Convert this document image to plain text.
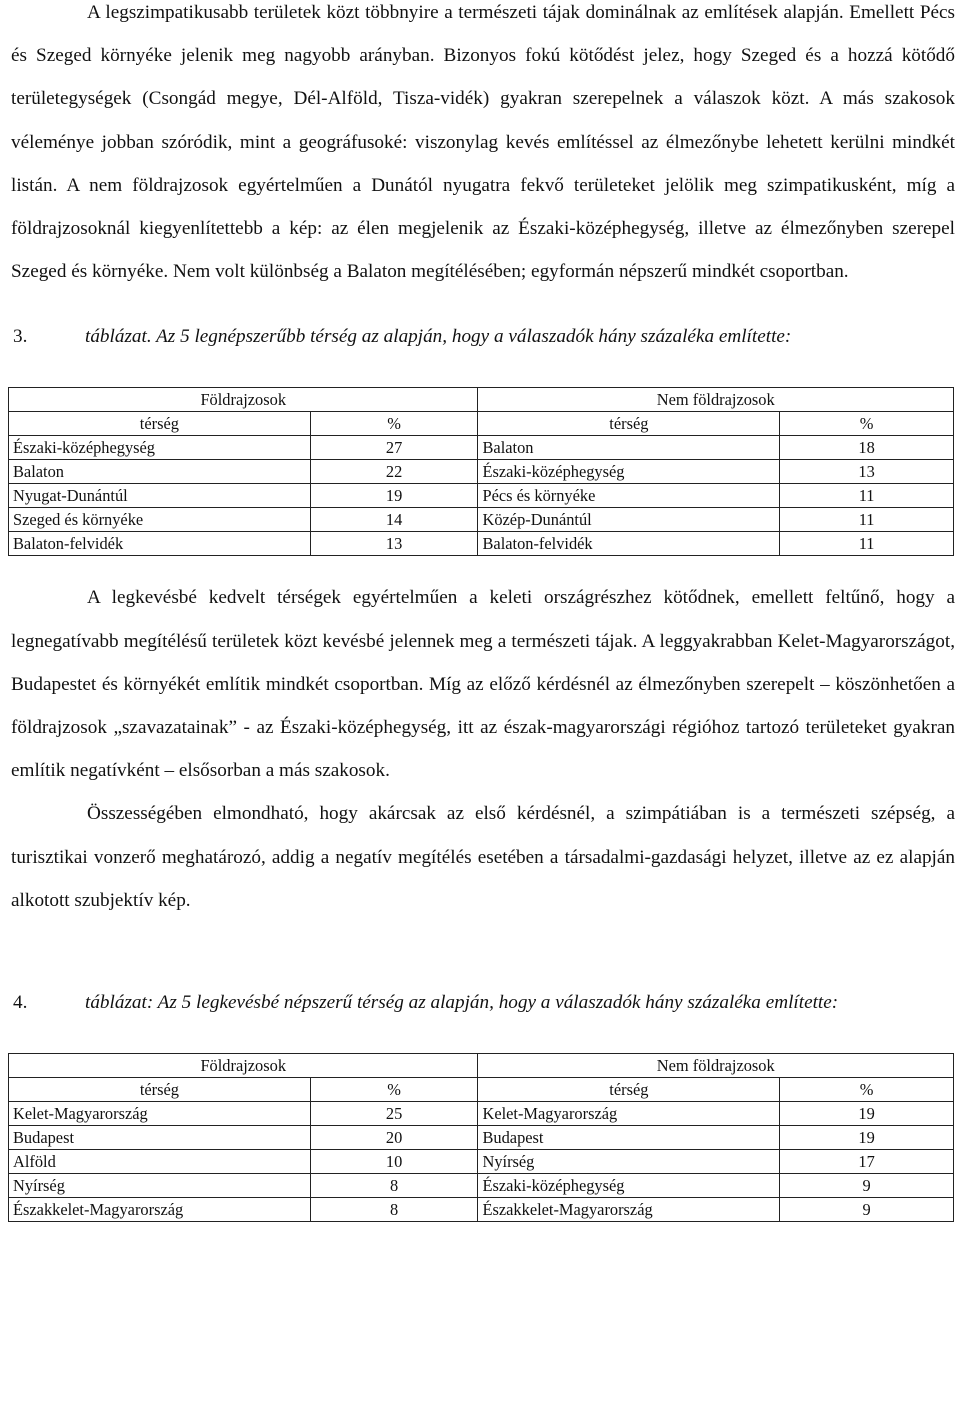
A legszimpatikusabb területek közt többnyire a természeti tájak dominálnak az említések alapján. Emellett Pécs és Szeged környéke jelenik meg nagyobb arányban. Bizonyos fokú kötődést jelez, hogy Szeged és a hozzá kötődő területegységek (Csongád megye, Dél-Alföld, Tisza-vidék) gyakran szerepelnek a válaszok közt. A más szakosok véleménye jobban szóródik, mint a geográfusoké: viszonylag kevés említéssel az élmezőnybe lehetett kerülni mindkét listán. A nem földrajzosok egyértelműen a Dunától nyugatra fekvő területeket jelölik meg szimpatikusként, míg a földrajzosoknál kiegyenlítettebb a kép: az élen megjelenik az Északi-középhegység, illetve az élmezőnyben szerepel Szeged és környéke. Nem volt különbség a Balaton megítélésében; egyformán népszerű mindkét csoportban.

3.	táblázat. Az 5 legnépszerűbb térség az alapján, hogy a válaszadók hány százaléka említette:
Földrajzosok		Nem földrajzosok	
térség	%	térség	%
Északi-középhegység	27	Balaton	18
Balaton	22	Északi-középhegység	13
Nyugat-Dunántúl	19	Pécs és környéke	11
Szeged és környéke	14	Közép-Dunántúl	11
Balaton-felvidék	13	Balaton-felvidék	11

A legkevésbé kedvelt térségek egyértelműen a keleti országrészhez kötődnek, emellett feltűnő, hogy a legnegatívabb megítélésű területek közt kevésbé jelennek meg a természeti tájak. A leggyakrabban Kelet-Magyarországot, Budapestet és környékét említik mindkét csoportban. Míg az előző kérdésnél az élmezőnyben szerepelt – köszönhetően a földrajzosok „szavazatainak” - az Északi-középhegység, itt az észak-magyarországi régióhoz tartozó területeket gyakran említik negatívként – elsősorban a más szakosok.

Összességében elmondható, hogy akárcsak az első kérdésnél, a szimpátiában is a természeti szépség, a turisztikai vonzerő meghatározó, addig a negatív megítélés esetében a társadalmi-gazdasági helyzet, illetve az ez alapján alkotott szubjektív kép.

4.	táblázat: Az 5 legkevésbé népszerű térség az alapján, hogy a válaszadók hány százaléka említette:
Földrajzosok		Nem földrajzosok	
térség	%	térség	%
Kelet-Magyarország	25	Kelet-Magyarország	19
Budapest	20	Budapest	19
Alföld	10	Nyírség	17
Nyírség	8	Északi-középhegység	9
Északkelet-Magyarország	8	Északkelet-Magyarország	9
